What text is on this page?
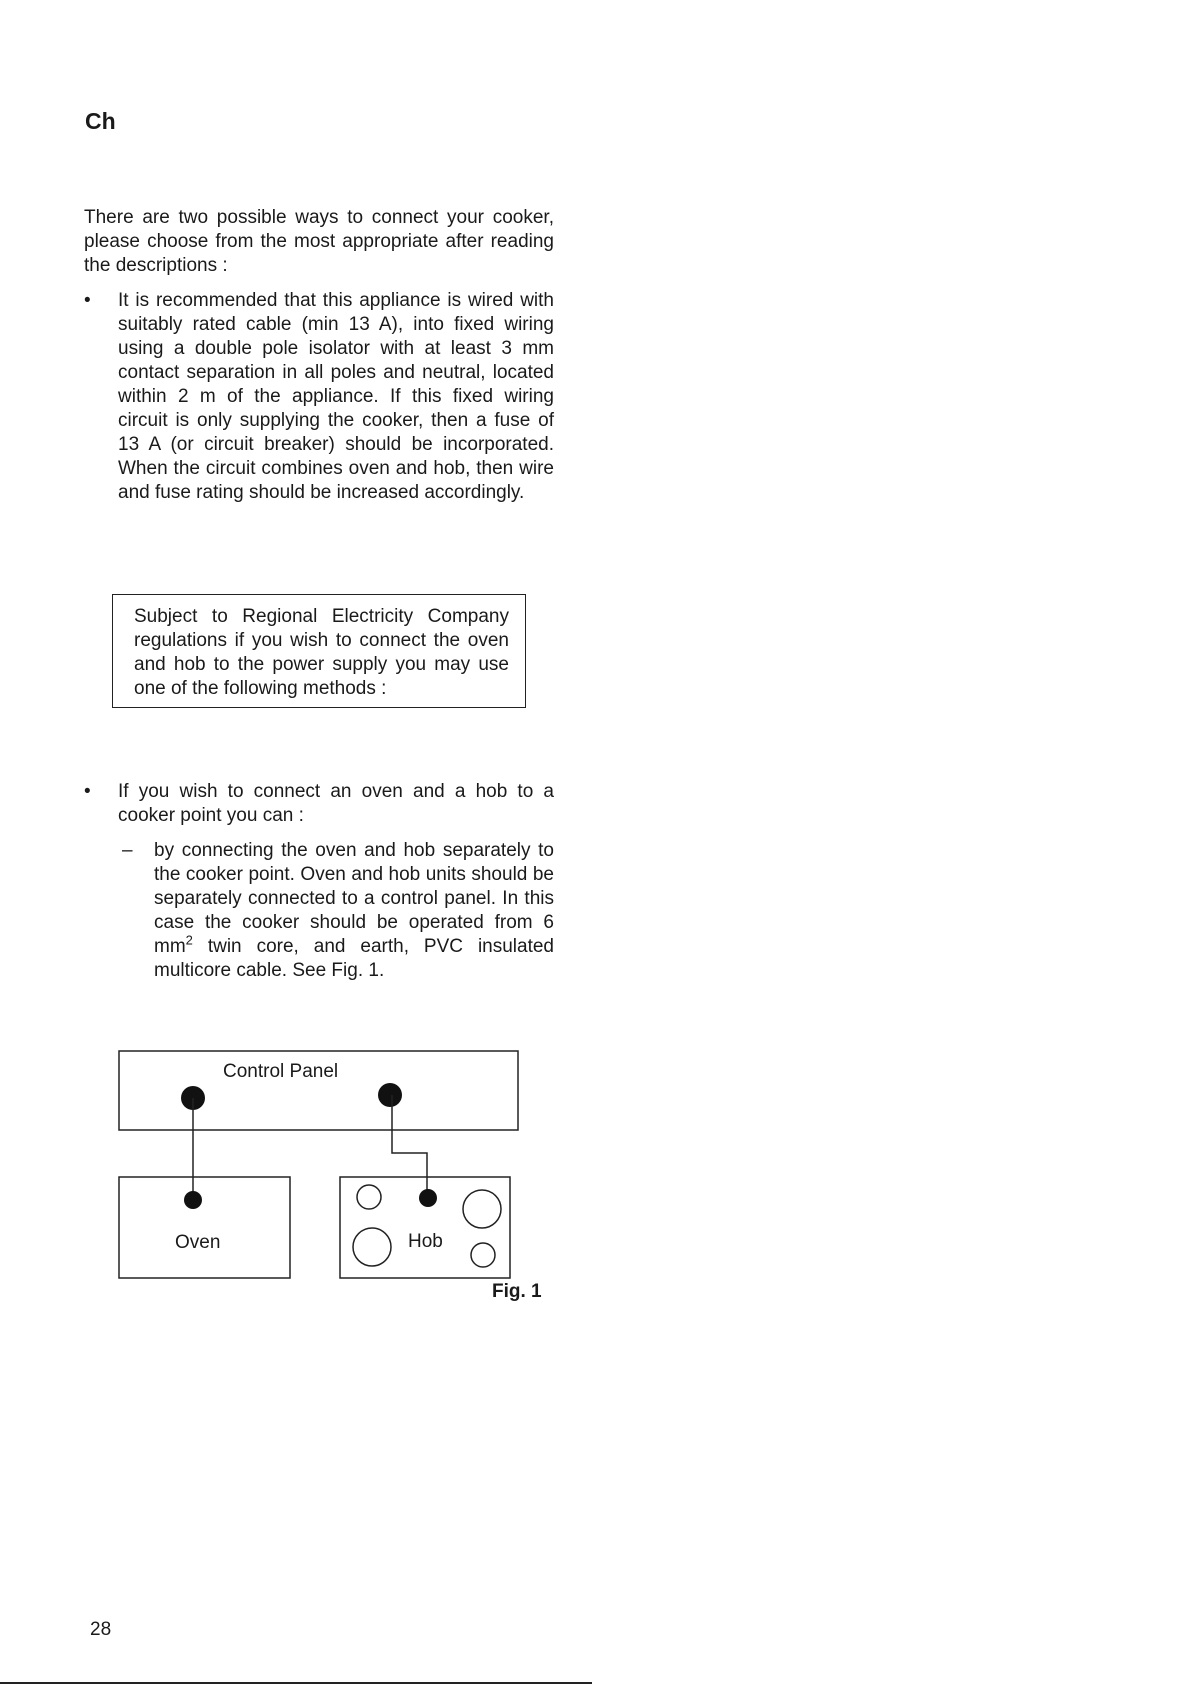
Ch

There are two possible ways to connect your cooker, please choose from the most appropriate after reading the descriptions :

• It is recommended that this appliance is wired with suitably rated cable (min 13 A), into fixed wiring using a double pole isolator with at least 3 mm contact separation in all poles and neutral, located within 2 m of the appliance. If this fixed wiring circuit is only supplying the cooker, then a fuse of 13 A (or circuit breaker) should be incorporated. When the circuit combines oven and hob, then wire and fuse rating should be increased accordingly.
Subject to Regional Electricity Company regulations if you wish to connect the oven and hob to the power supply you may use one of the following methods :
• If you wish to connect an oven and a hob to a cooker point you can :
– by connecting the oven and hob separately to the cooker point. Oven and hob units should be separately connected to a control panel. In this case the cooker should be operated from 6 $mm^2$ twin core, and earth, PVC insulated multicore cable. See Fig. 1.
Control Panel
Oven	Hob
Fig. 1
28
